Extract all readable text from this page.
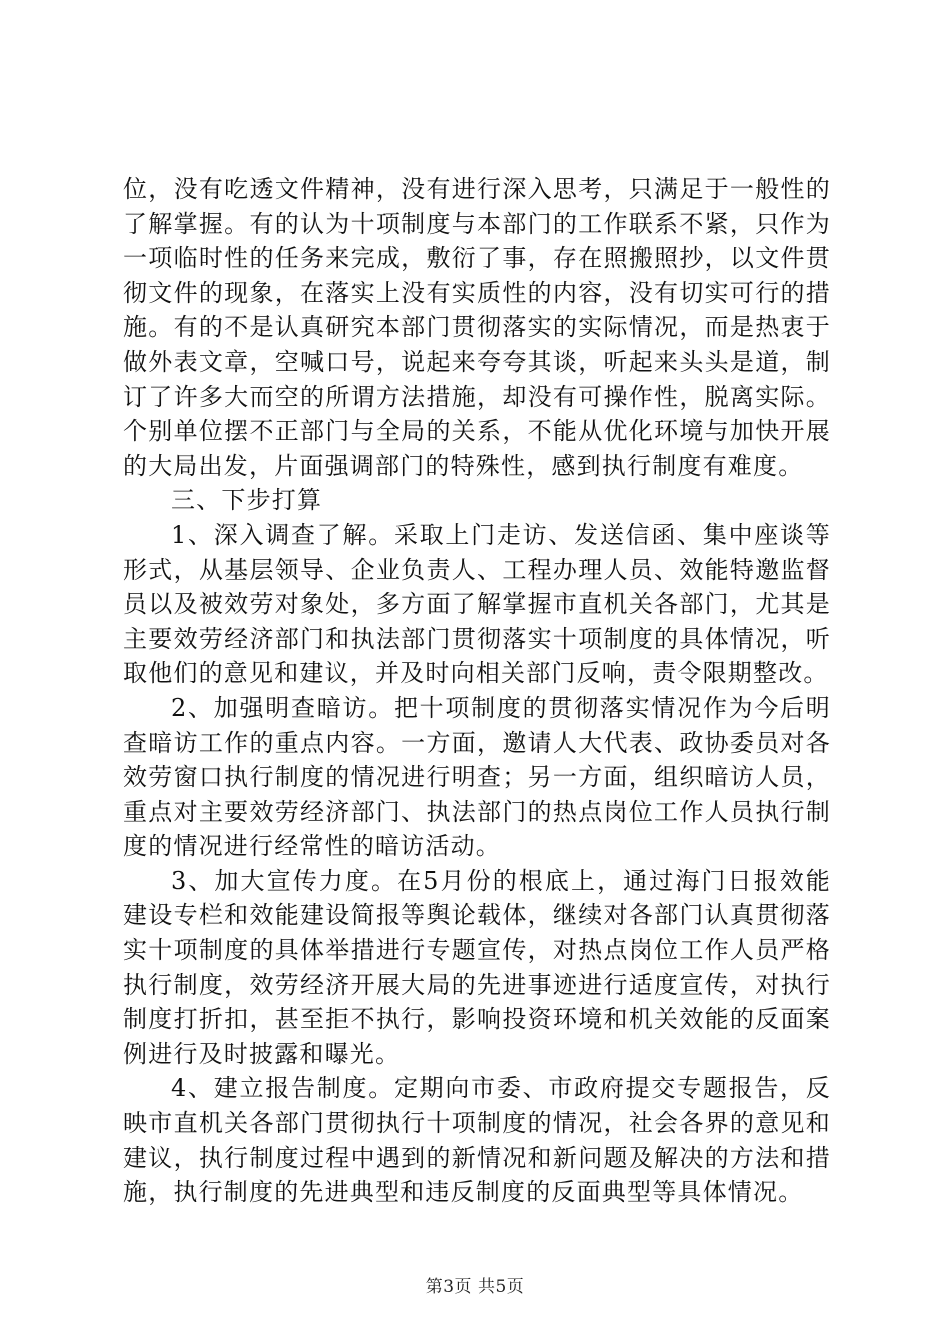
位，没有吃透文件精神，没有进行深入思考，只满足于一般性的了解掌握。有的认为十项制度与本部门的工作联系不紧，只作为一项临时性的任务来完成，敷衍了事，存在照搬照抄，以文件贯彻文件的现象，在落实上没有实质性的内容，没有切实可行的措施。有的不是认真研究本部门贯彻落实的实际情况，而是热衷于做外表文章，空喊口号，说起来夸夸其谈，听起来头头是道，制订了许多大而空的所谓方法措施，却没有可操作性，脱离实际。个别单位摆不正部门与全局的关系，不能从优化环境与加快开展的大局出发，片面强调部门的特殊性，感到执行制度有难度。

三、下步打算

1、深入调查了解。采取上门走访、发送信函、集中座谈等形式，从基层领导、企业负责人、工程办理人员、效能特邀监督员以及被效劳对象处，多方面了解掌握市直机关各部门，尤其是主要效劳经济部门和执法部门贯彻落实十项制度的具体情况，听取他们的意见和建议，并及时向相关部门反响，责令限期整改。

2、加强明查暗访。把十项制度的贯彻落实情况作为今后明查暗访工作的重点内容。一方面，邀请人大代表、政协委员对各效劳窗口执行制度的情况进行明查；另一方面，组织暗访人员，重点对主要效劳经济部门、执法部门的热点岗位工作人员执行制度的情况进行经常性的暗访活动。

3、加大宣传力度。在5月份的根底上，通过海门日报效能建设专栏和效能建设简报等舆论载体，继续对各部门认真贯彻落实十项制度的具体举措进行专题宣传，对热点岗位工作人员严格执行制度，效劳经济开展大局的先进事迹进行适度宣传，对执行制度打折扣，甚至拒不执行，影响投资环境和机关效能的反面案例进行及时披露和曝光。

4、建立报告制度。定期向市委、市政府提交专题报告，反映市直机关各部门贯彻执行十项制度的情况，社会各界的意见和建议，执行制度过程中遇到的新情况和新问题及解决的方法和措施，执行制度的先进典型和违反制度的反面典型等具体情况。

第3页 共5页
